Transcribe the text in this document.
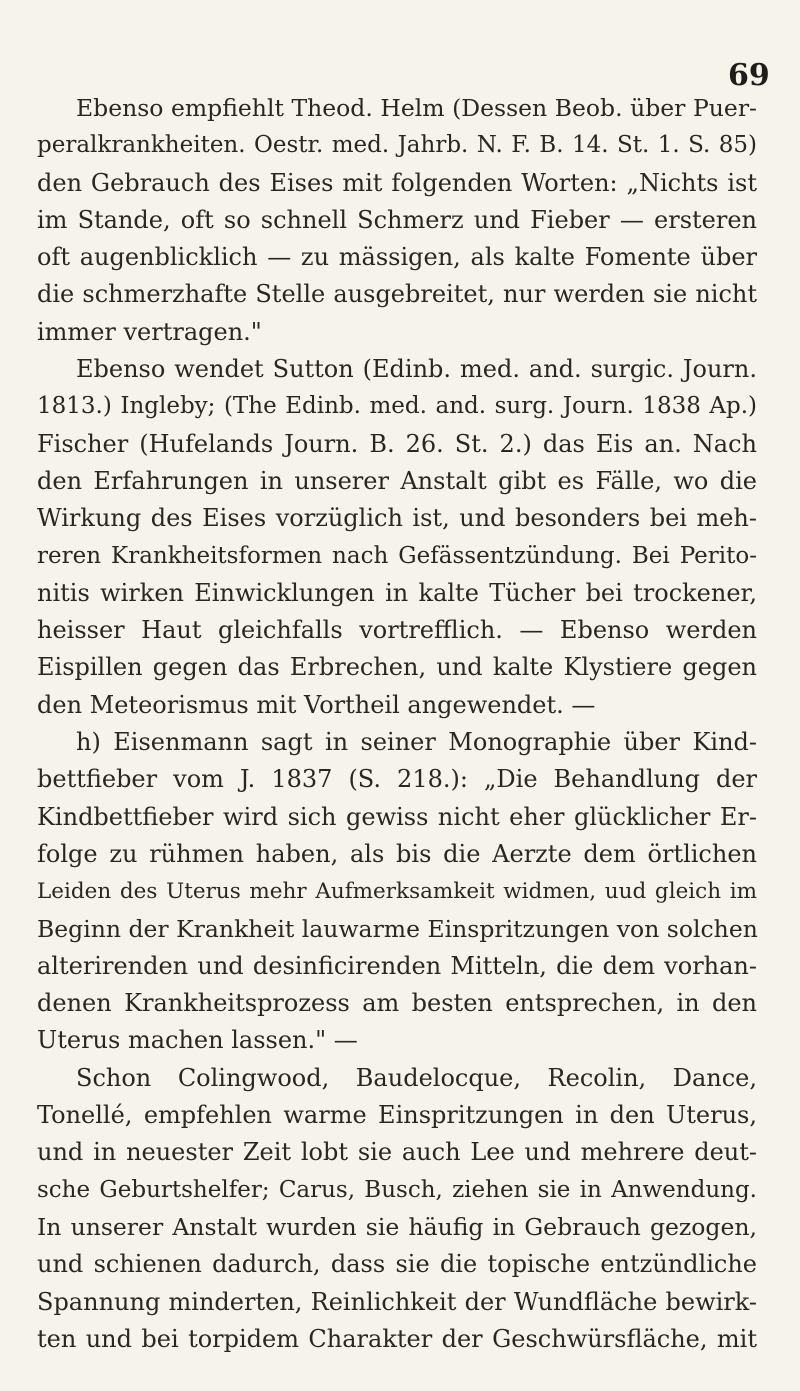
69
Ebenso empfiehlt Theod. Helm (Dessen Beob. über Puer-
peralkrankheiten. Oestr. med. Jahrb. N. F. B. 14. St. 1. S. 85)
den Gebrauch des Eises mit folgenden Worten: „Nichts ist
im Stande, oft so schnell Schmerz und Fieber — ersteren
oft augenblicklich — zu mässigen, als kalte Fomente über
die schmerzhafte Stelle ausgebreitet, nur werden sie nicht
immer vertragen."
Ebenso wendet Sutton (Edinb. med. and. surgic. Journ.
1813.) Ingleby; (The Edinb. med. and. surg. Journ. 1838 Ap.)
Fischer (Hufelands Journ. B. 26. St. 2.) das Eis an. Nach
den Erfahrungen in unserer Anstalt gibt es Fälle, wo die
Wirkung des Eises vorzüglich ist, und besonders bei meh-
reren Krankheitsformen nach Gefässentzündung. Bei Perito-
nitis wirken Einwicklungen in kalte Tücher bei trockener,
heisser Haut gleichfalls vortrefflich. — Ebenso werden
Eispillen gegen das Erbrechen, und kalte Klystiere gegen
den Meteorismus mit Vortheil angewendet. —
h) Eisenmann sagt in seiner Monographie über Kind-
bettfieber vom J. 1837 (S. 218.): „Die Behandlung der
Kindbettfieber wird sich gewiss nicht eher glücklicher Er-
folge zu rühmen haben, als bis die Aerzte dem örtlichen
Leiden des Uterus mehr Aufmerksamkeit widmen, uud gleich im
Beginn der Krankheit lauwarme Einspritzungen von solchen
alterirenden und desinficirenden Mitteln, die dem vorhan-
denen Krankheitsprozess am besten entsprechen, in den
Uterus machen lassen." —
Schon Colingwood, Baudelocque, Recolin, Dance,
Tonellé, empfehlen warme Einspritzungen in den Uterus,
und in neuester Zeit lobt sie auch Lee und mehrere deut-
sche Geburtshelfer; Carus, Busch, ziehen sie in Anwendung.
In unserer Anstalt wurden sie häufig in Gebrauch gezogen,
und schienen dadurch, dass sie die topische entzündliche
Spannung minderten, Reinlichkeit der Wundfläche bewirk-
ten und bei torpidem Charakter der Geschwürsfläche, mit
